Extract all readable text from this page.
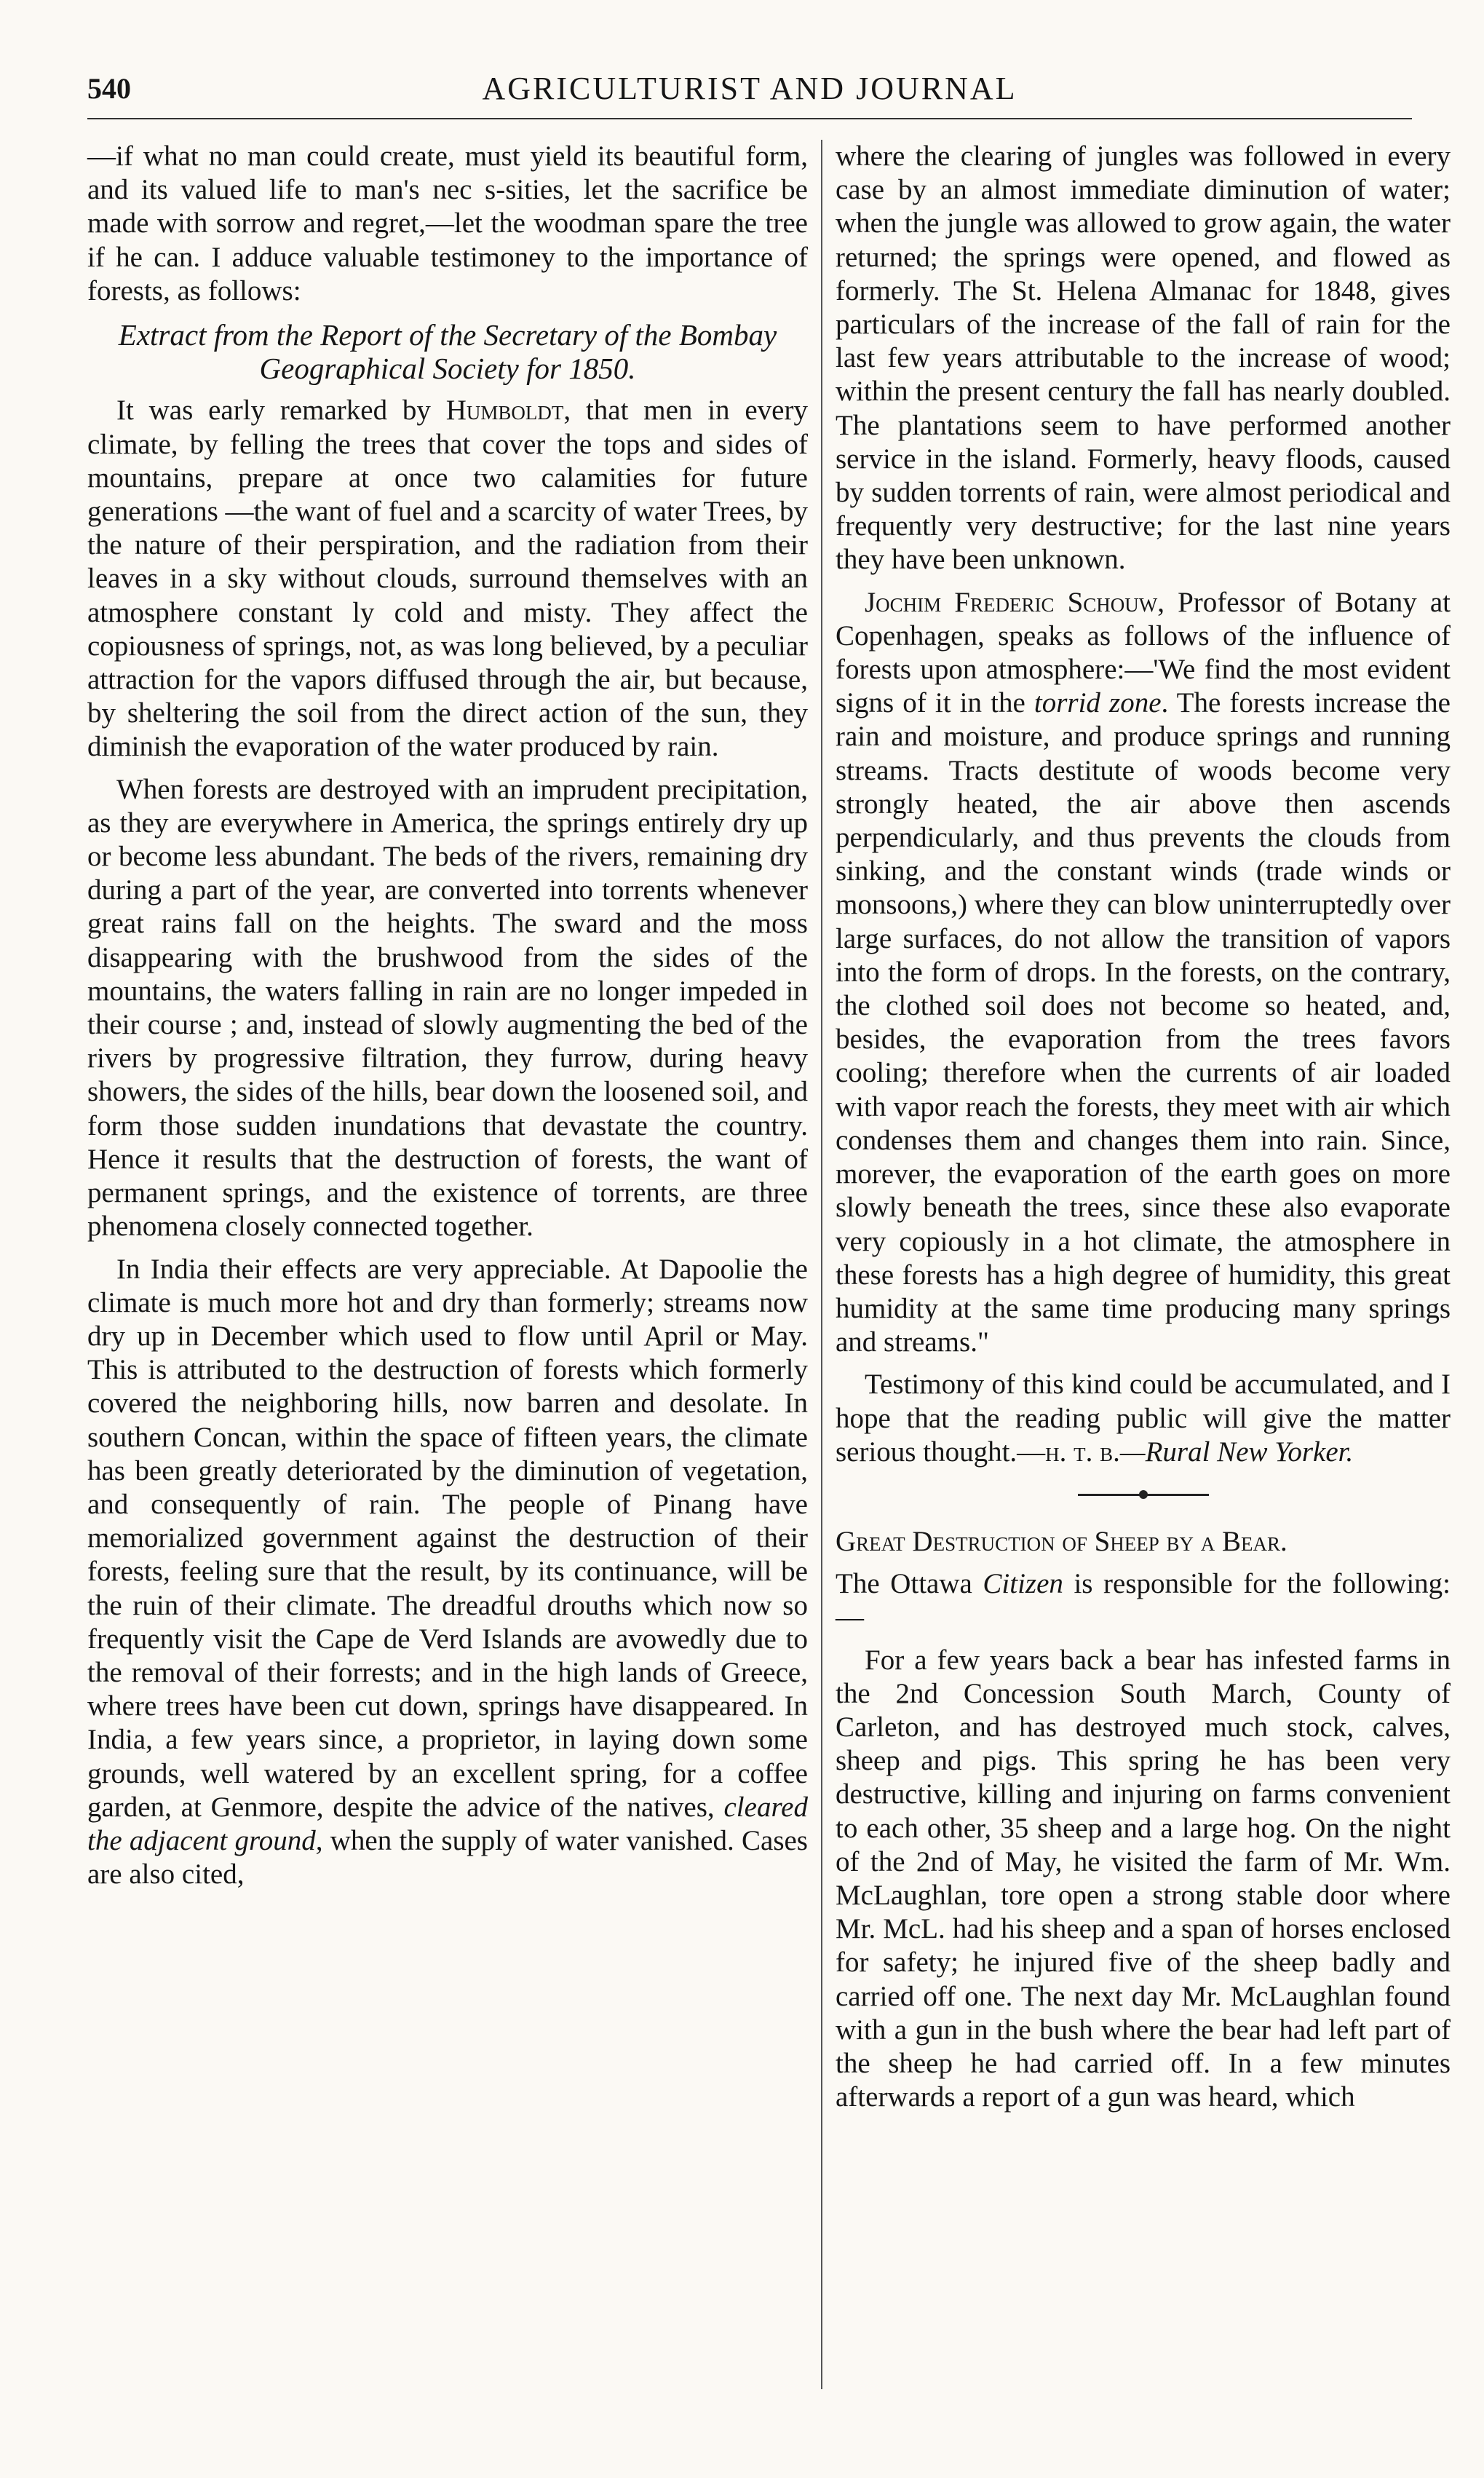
540	AGRICULTURIST AND JOURNAL

—if what no man could create, must yield its beautiful form, and its valued life to man's nec s-sities, let the sacrifice be made with sorrow and regret,—let the woodman spare the tree if he can. I adduce valuable testimoney to the importance of forests, as follows:

Extract from the Report of the Secretary of the Bombay Geographical Society for 1850.

It was early remarked by Humboldt, that men in every climate, by felling the trees that cover the tops and sides of mountains, prepare at once two calamities for future generations —the want of fuel and a scarcity of water Trees, by the nature of their perspiration, and the radiation from their leaves in a sky without clouds, surround themselves with an atmosphere constant ly cold and misty. They affect the copiousness of springs, not, as was long believed, by a peculiar attraction for the vapors diffused through the air, but because, by sheltering the soil from the direct action of the sun, they diminish the evaporation of the water produced by rain.

When forests are destroyed with an imprudent precipitation, as they are everywhere in America, the springs entirely dry up or become less abundant. The beds of the rivers, remaining dry during a part of the year, are converted into torrents whenever great rains fall on the heights. The sward and the moss disappearing with the brushwood from the sides of the mountains, the waters falling in rain are no longer impeded in their course ; and, instead of slowly augmenting the bed of the rivers by progressive filtration, they furrow, during heavy showers, the sides of the hills, bear down the loosened soil, and form those sudden inundations that devastate the country. Hence it results that the destruction of forests, the want of permanent springs, and the existence of torrents, are three phenomena closely connected together.

In India their effects are very appreciable. At Dapoolie the climate is much more hot and dry than formerly; streams now dry up in December which used to flow until April or May. This is attributed to the destruction of forests which formerly covered the neighboring hills, now barren and desolate. In southern Concan, within the space of fifteen years, the climate has been greatly deteriorated by the diminution of vegetation, and consequently of rain. The people of Pinang have memorialized government against the destruction of their forests, feeling sure that the result, by its continuance, will be the ruin of their climate. The dreadful drouths which now so frequently visit the Cape de Verd Islands are avowedly due to the removal of their forrests; and in the high lands of Greece, where trees have been cut down, springs have disappeared. In India, a few years since, a proprietor, in laying down some grounds, well watered by an excellent spring, for a coffee garden, at Genmore, despite the advice of the natives, cleared the adjacent ground, when the supply of water vanished. Cases are also cited,

where the clearing of jungles was followed in every case by an almost immediate diminution of water; when the jungle was allowed to grow again, the water returned; the springs were opened, and flowed as formerly. The St. Helena Almanac for 1848, gives particulars of the increase of the fall of rain for the last few years attributable to the increase of wood; within the present century the fall has nearly doubled. The plantations seem to have performed another service in the island. Formerly, heavy floods, caused by sudden torrents of rain, were almost periodical and frequently very destructive; for the last nine years they have been unknown.

Jochim Frederic Schouw, Professor of Botany at Copenhagen, speaks as follows of the influence of forests upon atmosphere:—'We find the most evident signs of it in the torrid zone. The forests increase the rain and moisture, and produce springs and running streams. Tracts destitute of woods become very strongly heated, the air above then ascends perpendicularly, and thus prevents the clouds from sinking, and the constant winds (trade winds or monsoons,) where they can blow uninterruptedly over large surfaces, do not allow the transition of vapors into the form of drops. In the forests, on the contrary, the clothed soil does not become so heated, and, besides, the evaporation from the trees favors cooling; therefore when the currents of air loaded with vapor reach the forests, they meet with air which condenses them and changes them into rain. Since, morever, the evaporation of the earth goes on more slowly beneath the trees, since these also evaporate very copiously in a hot climate, the atmosphere in these forests has a high degree of humidity, this great humidity at the same time producing many springs and streams."

Testimony of this kind could be accumulated, and I hope that the reading public will give the matter serious thought.—h. t. b.—Rural New Yorker.

Great Destruction of Sheep by a Bear.

The Ottawa Citizen is responsible for the following:—

For a few years back a bear has infested farms in the 2nd Concession South March, County of Carleton, and has destroyed much stock, calves, sheep and pigs. This spring he has been very destructive, killing and injuring on farms convenient to each other, 35 sheep and a large hog. On the night of the 2nd of May, he visited the farm of Mr. Wm. McLaughlan, tore open a strong stable door where Mr. McL. had his sheep and a span of horses enclosed for safety; he injured five of the sheep badly and carried off one. The next day Mr. McLaughlan found with a gun in the bush where the bear had left part of the sheep he had carried off. In a few minutes afterwards a report of a gun was heard, which
